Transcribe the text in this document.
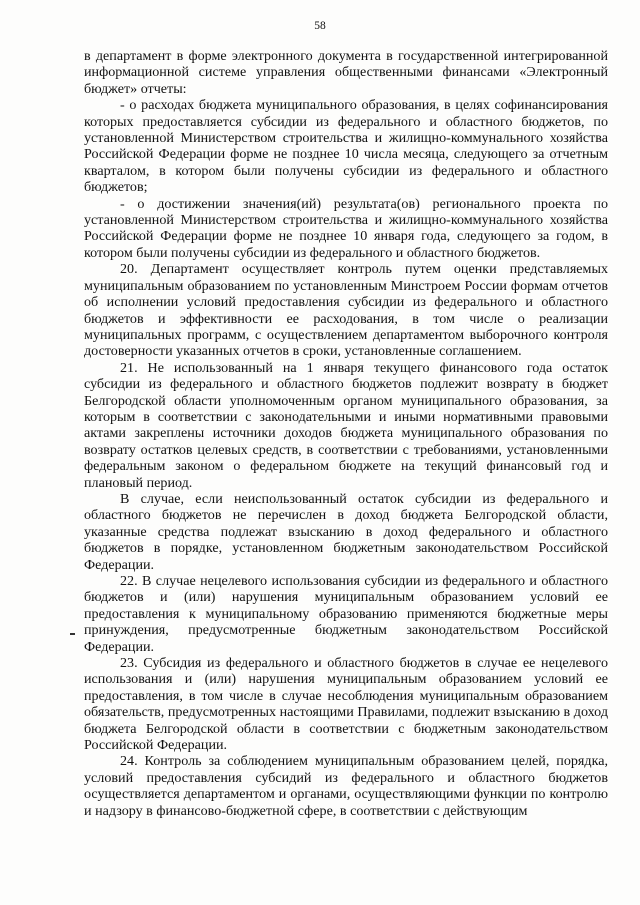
58

в департамент в форме электронного документа в государственной интегрированной информационной системе управления общественными финансами «Электронный бюджет» отчеты:

- о расходах бюджета муниципального образования, в целях софинансирования которых предоставляется субсидии из федерального и областного бюджетов, по установленной Министерством строительства и жилищно-коммунального хозяйства Российской Федерации форме не позднее 10 числа месяца, следующего за отчетным кварталом, в котором были получены субсидии из федерального и областного бюджетов;

- о достижении значения(ий) результата(ов) регионального проекта по установленной Министерством строительства и жилищно-коммунального хозяйства Российской Федерации форме не позднее 10 января года, следующего за годом, в котором были получены субсидии из федерального и областного бюджетов.

20. Департамент осуществляет контроль путем оценки представляемых муниципальным образованием по установленным Минстроем России формам отчетов об исполнении условий предоставления субсидии из федерального и областного бюджетов и эффективности ее расходования, в том числе о реализации муниципальных программ, с осуществлением департаментом выборочного контроля достоверности указанных отчетов в сроки, установленные соглашением.

21. Не использованный на 1 января текущего финансового года остаток субсидии из федерального и областного бюджетов подлежит возврату в бюджет Белгородской области уполномоченным органом муниципального образования, за которым в соответствии с законодательными и иными нормативными правовыми актами закреплены источники доходов бюджета муниципального образования по возврату остатков целевых средств, в соответствии с требованиями, установленными федеральным законом о федеральном бюджете на текущий финансовый год и плановый период.

В случае, если неиспользованный остаток субсидии из федерального и областного бюджетов не перечислен в доход бюджета Белгородской области, указанные средства подлежат взысканию в доход федерального и областного бюджетов в порядке, установленном бюджетным законодательством Российской Федерации.

22. В случае нецелевого использования субсидии из федерального и областного бюджетов и (или) нарушения муниципальным образованием условий ее предоставления к муниципальному образованию применяются бюджетные меры принуждения, предусмотренные бюджетным законодательством Российской Федерации.

23. Субсидия из федерального и областного бюджетов в случае ее нецелевого использования и (или) нарушения муниципальным образованием условий ее предоставления, в том числе в случае несоблюдения муниципальным образованием обязательств, предусмотренных настоящими Правилами, подлежит взысканию в доход бюджета Белгородской области в соответствии с бюджетным законодательством Российской Федерации.

24. Контроль за соблюдением муниципальным образованием целей, порядка, условий предоставления субсидий из федерального и областного бюджетов осуществляется департаментом и органами, осуществляющими функции по контролю и надзору в финансово-бюджетной сфере, в соответствии с действующим
